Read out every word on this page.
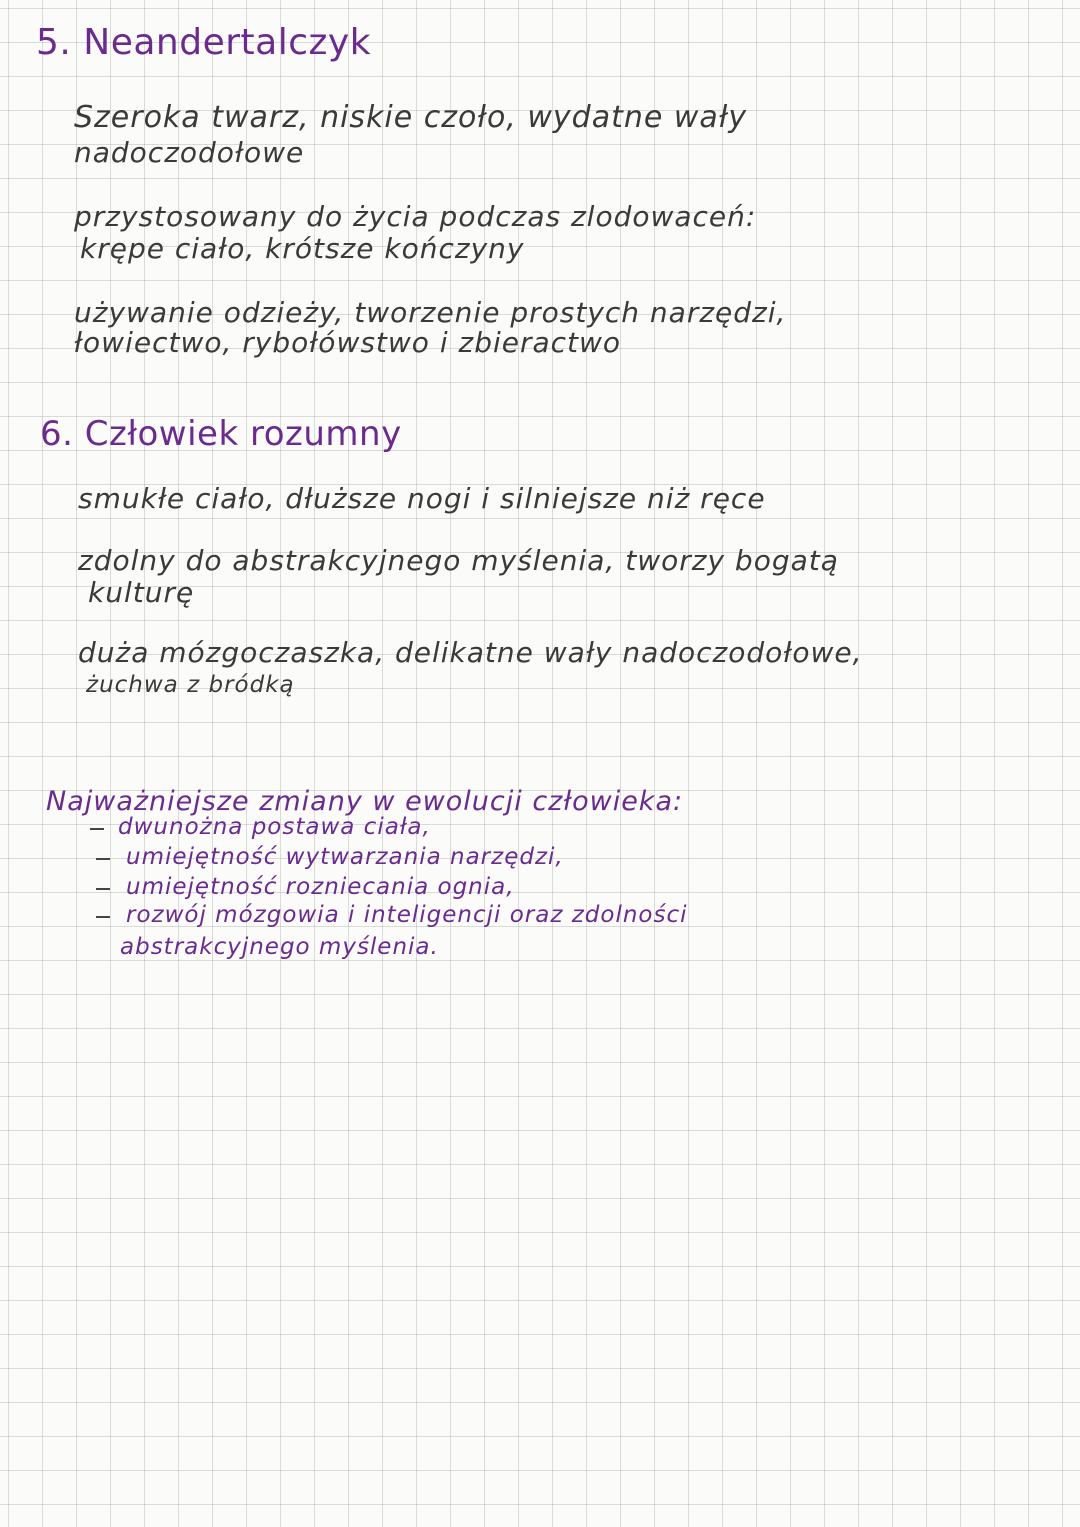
5. Neandertalczyk
Szeroka twarz, niskie czoło, wydatne wały
nadoczodołowe
przystosowany do życia podczas zlodowaceń:
krępe ciało, krótsze kończyny
używanie odzieży, tworzenie prostych narzędzi,
łowiectwo, rybołówstwo i zbieractwo
6. Człowiek rozumny
smukłe ciało, dłuższe nogi i silniejsze niż ręce
zdolny do abstrakcyjnego myślenia, tworzy bogatą
kulturę
duża mózgoczaszka, delikatne wały nadoczodołowe,
żuchwa z bródką
Najważniejsze zmiany w ewolucji człowieka:
dwunożna postawa ciała,
umiejętność wytwarzania narzędzi,
umiejętność rozniecania ognia,
rozwój mózgowia i inteligencji oraz zdolności
abstrakcyjnego myślenia.
